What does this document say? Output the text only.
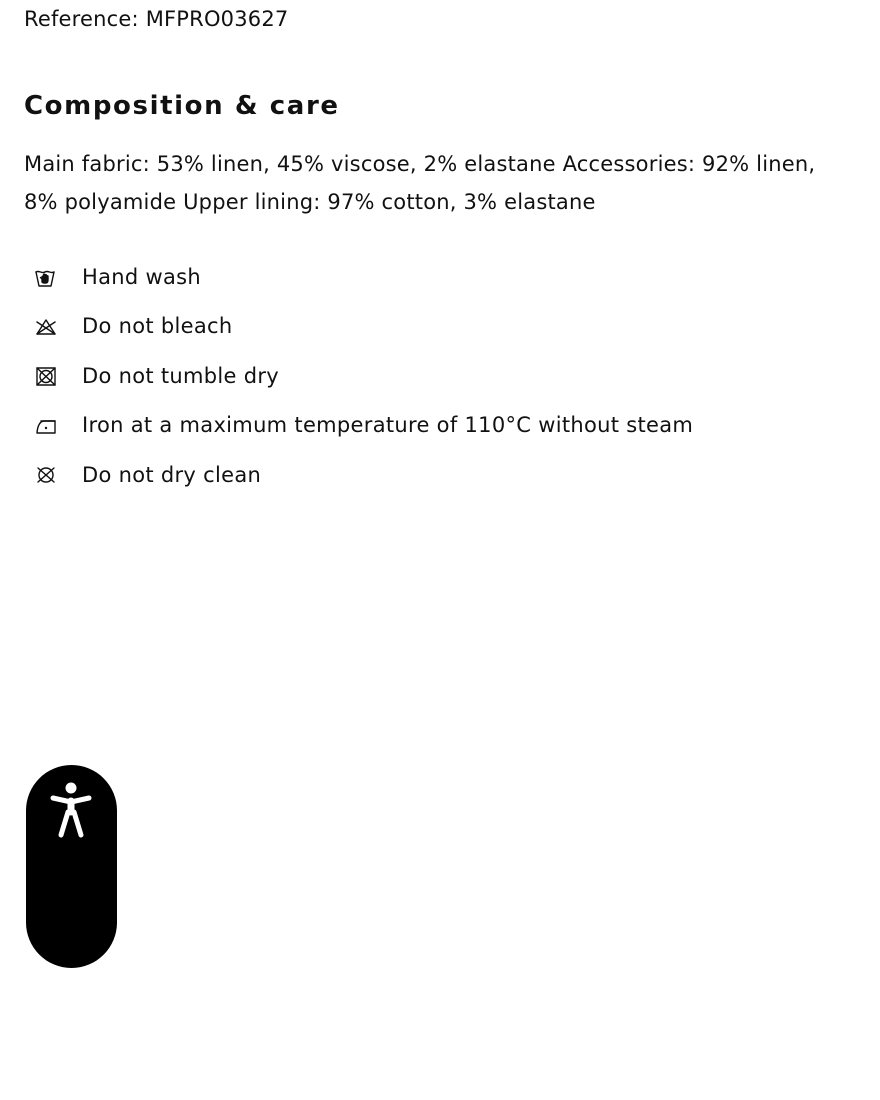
Reference: MFPRO03627
Composition & care

Main fabric: 53% linen, 45% viscose, 2% elastane Accessories: 92% linen, 8% polyamide Upper lining: 97% cotton, 3% elastane

Hand wash
Do not bleach
Do not tumble dry
Iron at a maximum temperature of 110°C without steam
Do not dry clean
